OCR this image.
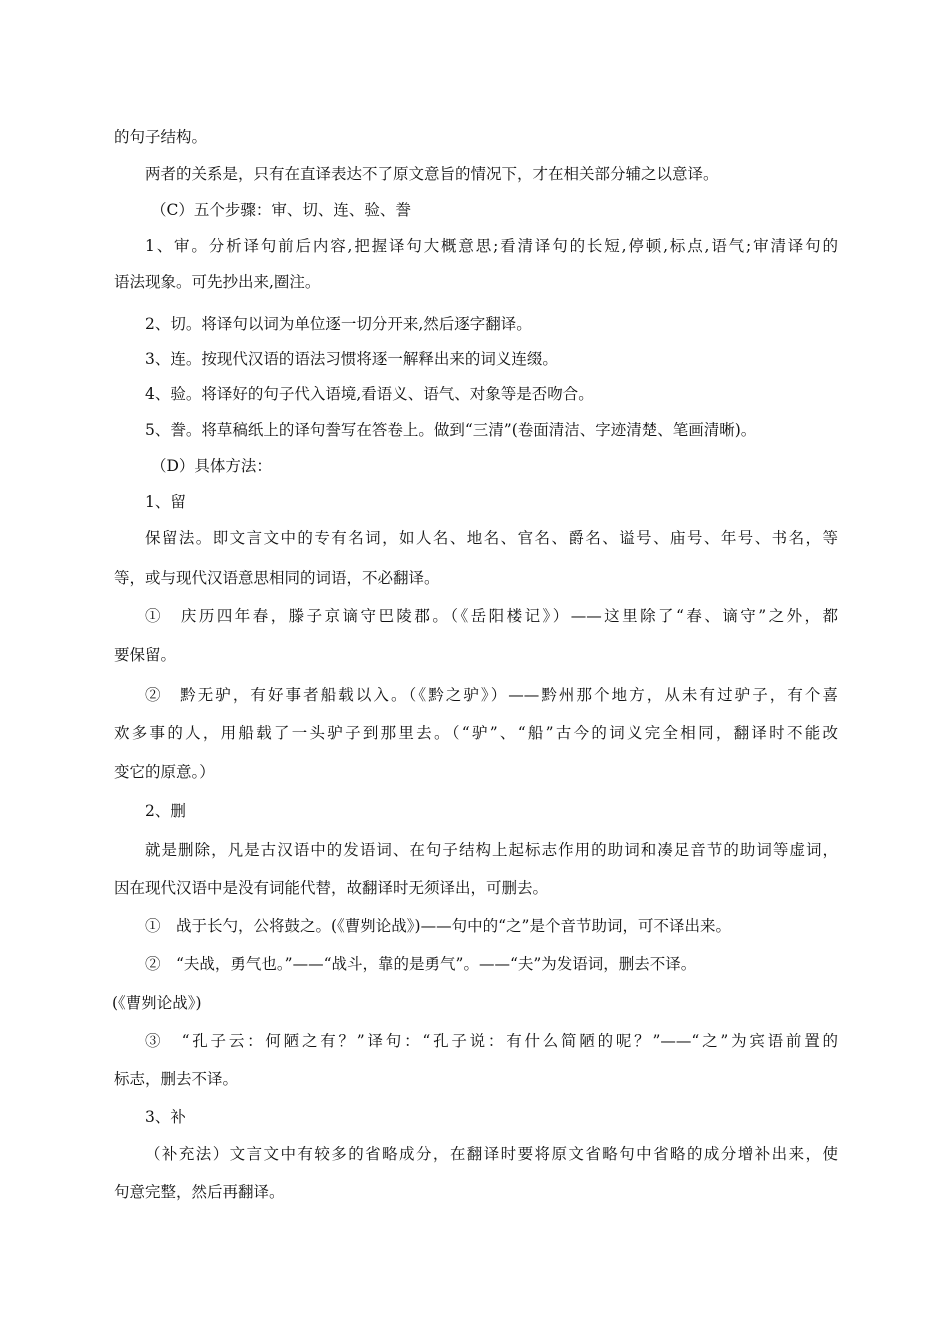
的句子结构。
两者的关系是，只有在直译表达不了原文意旨的情况下，才在相关部分辅之以意译。
（C）五个步骤：审、切、连、验、誊
1、审。分析译句前后内容,把握译句大概意思;看清译句的长短,停顿,标点,语气;审清译句的
语法现象。可先抄出来,圈注。
2、切。将译句以词为单位逐一切分开来,然后逐字翻译。
3、连。按现代汉语的语法习惯将逐一解释出来的词义连缀。
4、验。将译好的句子代入语境,看语义、语气、对象等是否吻合。
5、誊。将草稿纸上的译句誊写在答卷上。做到“三清”(卷面清洁、字迹清楚、笔画清晰)。
（D）具体方法：
1、留
保留法。即文言文中的专有名词，如人名、地名、官名、爵名、谥号、庙号、年号、书名，等
等，或与现代汉语意思相同的词语，不必翻译。
①　庆历四年春，滕子京谪守巴陵郡。（《岳阳楼记》）——这里除了“春、谪守”之外，都
要保留。
②　黔无驴，有好事者船载以入。（《黔之驴》）——黔州那个地方，从未有过驴子，有个喜
欢多事的人，用船载了一头驴子到那里去。（“驴”、“船”古今的词义完全相同，翻译时不能改
变它的原意。）
2、删
就是删除，凡是古汉语中的发语词、在句子结构上起标志作用的助词和凑足音节的助词等虚词，
因在现代汉语中是没有词能代替，故翻译时无须译出，可删去。
①　战于长勺，公将鼓之。(《曹刿论战》)——句中的“之”是个音节助词，可不译出来。
②　“夫战，勇气也。”——“战斗，靠的是勇气”。——“夫”为发语词，删去不译。
(《曹刿论战》)
③　“孔子云：何陋之有？”译句：“孔子说：有什么简陋的呢？”——“之”为宾语前置的
标志，删去不译。
3、补
（补充法）文言文中有较多的省略成分，在翻译时要将原文省略句中省略的成分增补出来，使
句意完整，然后再翻译。
